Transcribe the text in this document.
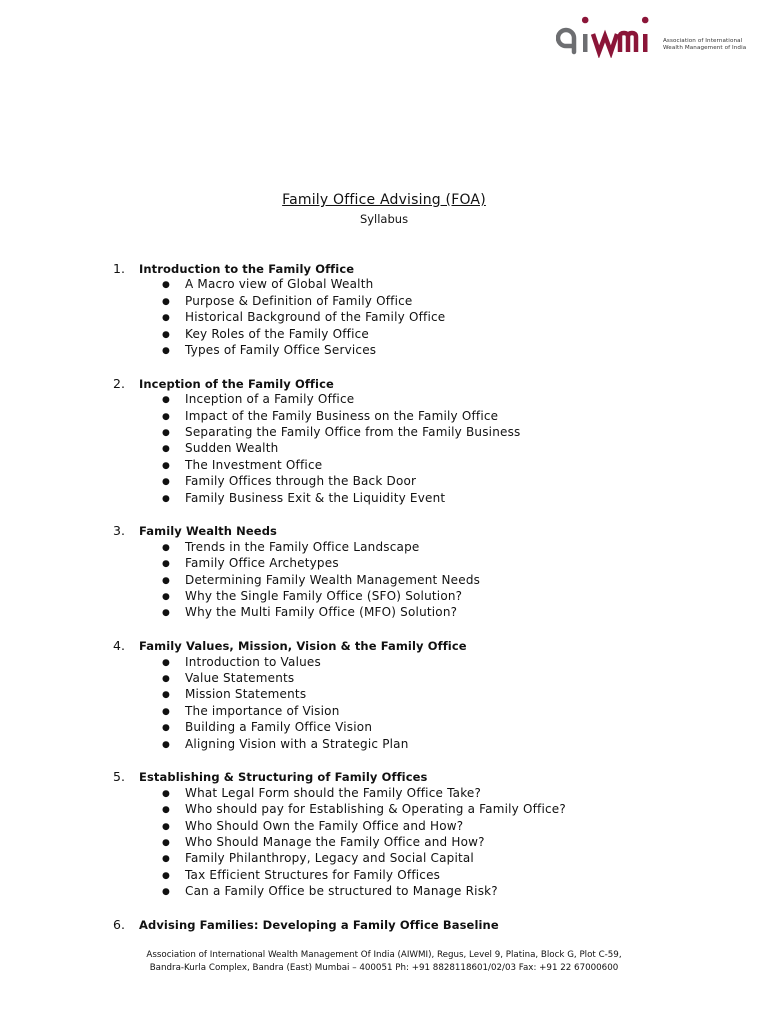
Association of International
Wealth Management of India
Family Office Advising (FOA)
Syllabus
1. Introduction to the Family Office
● A Macro view of Global Wealth
● Purpose & Definition of Family Office
● Historical Background of the Family Office
● Key Roles of the Family Office
● Types of Family Office Services
2. Inception of the Family Office
● Inception of a Family Office
● Impact of the Family Business on the Family Office
● Separating the Family Office from the Family Business
● Sudden Wealth
● The Investment Office
● Family Offices through the Back Door
● Family Business Exit & the Liquidity Event
3. Family Wealth Needs
● Trends in the Family Office Landscape
● Family Office Archetypes
● Determining Family Wealth Management Needs
● Why the Single Family Office (SFO) Solution?
● Why the Multi Family Office (MFO) Solution?
4. Family Values, Mission, Vision & the Family Office
● Introduction to Values
● Value Statements
● Mission Statements
● The importance of Vision
● Building a Family Office Vision
● Aligning Vision with a Strategic Plan
5. Establishing & Structuring of Family Offices
● What Legal Form should the Family Office Take?
● Who should pay for Establishing & Operating a Family Office?
● Who Should Own the Family Office and How?
● Who Should Manage the Family Office and How?
● Family Philanthropy, Legacy and Social Capital
● Tax Efficient Structures for Family Offices
● Can a Family Office be structured to Manage Risk?
6. Advising Families: Developing a Family Office Baseline
Association of International Wealth Management Of India (AIWMI), Regus, Level 9, Platina, Block G, Plot C-59,
Bandra-Kurla Complex, Bandra (East) Mumbai – 400051 Ph: +91 8828118601/02/03 Fax: +91 22 67000600
